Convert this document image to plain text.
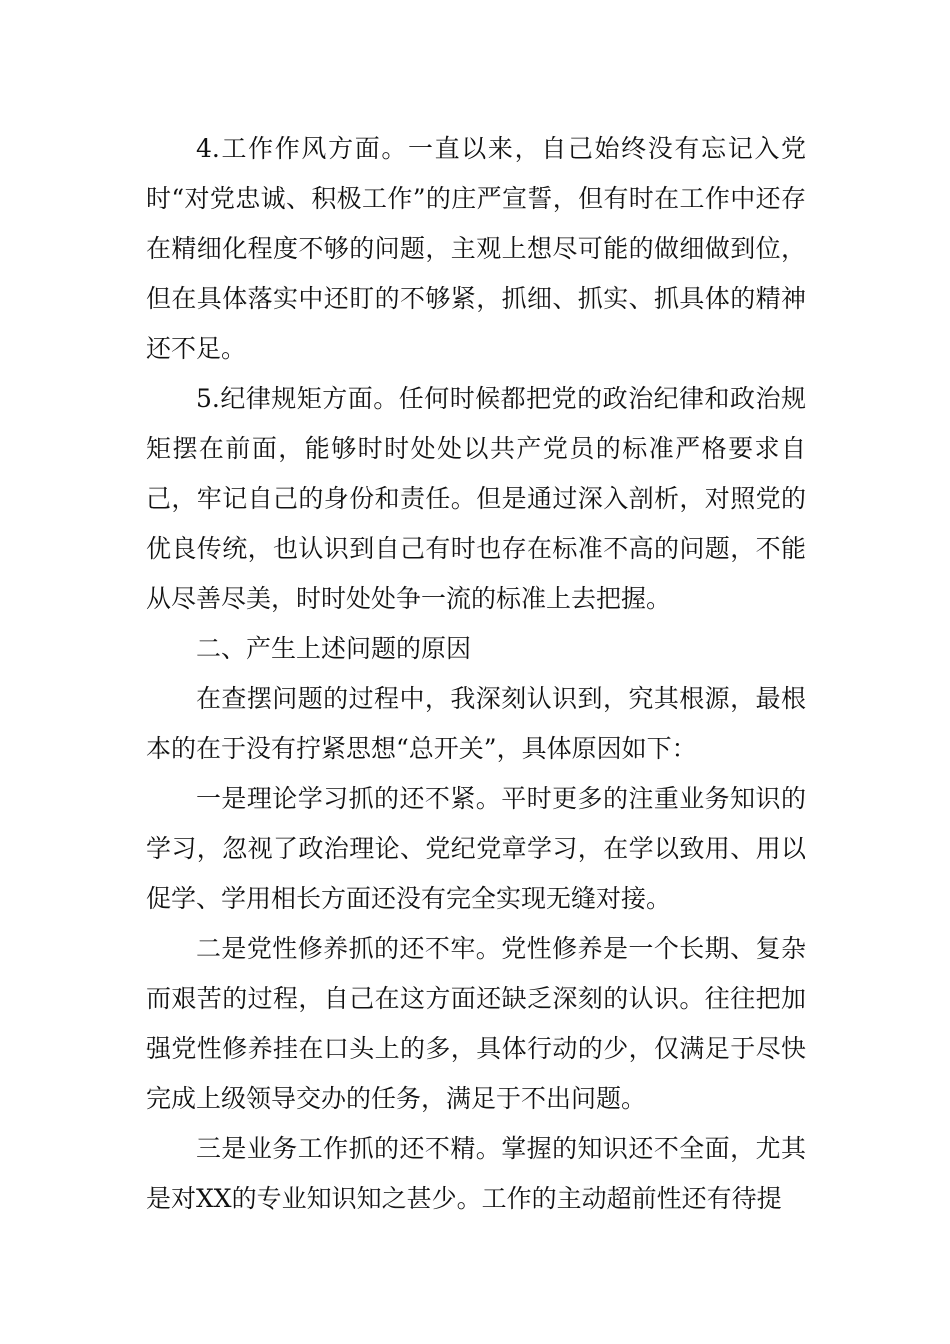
4.工作作风方面。一直以来，自己始终没有忘记入党时“对党忠诚、积极工作”的庄严宣誓，但有时在工作中还存在精细化程度不够的问题，主观上想尽可能的做细做到位，但在具体落实中还盯的不够紧，抓细、抓实、抓具体的精神还不足。

5.纪律规矩方面。任何时候都把党的政治纪律和政治规矩摆在前面，能够时时处处以共产党员的标准严格要求自己，牢记自己的身份和责任。但是通过深入剖析，对照党的优良传统，也认识到自己有时也存在标准不高的问题，不能从尽善尽美，时时处处争一流的标准上去把握。

二、产生上述问题的原因

在查摆问题的过程中，我深刻认识到，究其根源，最根本的在于没有拧紧思想“总开关”，具体原因如下：

一是理论学习抓的还不紧。平时更多的注重业务知识的学习，忽视了政治理论、党纪党章学习，在学以致用、用以促学、学用相长方面还没有完全实现无缝对接。

二是党性修养抓的还不牢。党性修养是一个长期、复杂而艰苦的过程，自己在这方面还缺乏深刻的认识。往往把加强党性修养挂在口头上的多，具体行动的少，仅满足于尽快完成上级领导交办的任务，满足于不出问题。

三是业务工作抓的还不精。掌握的知识还不全面，尤其是对XX的专业知识知之甚少。工作的主动超前性还有待提
